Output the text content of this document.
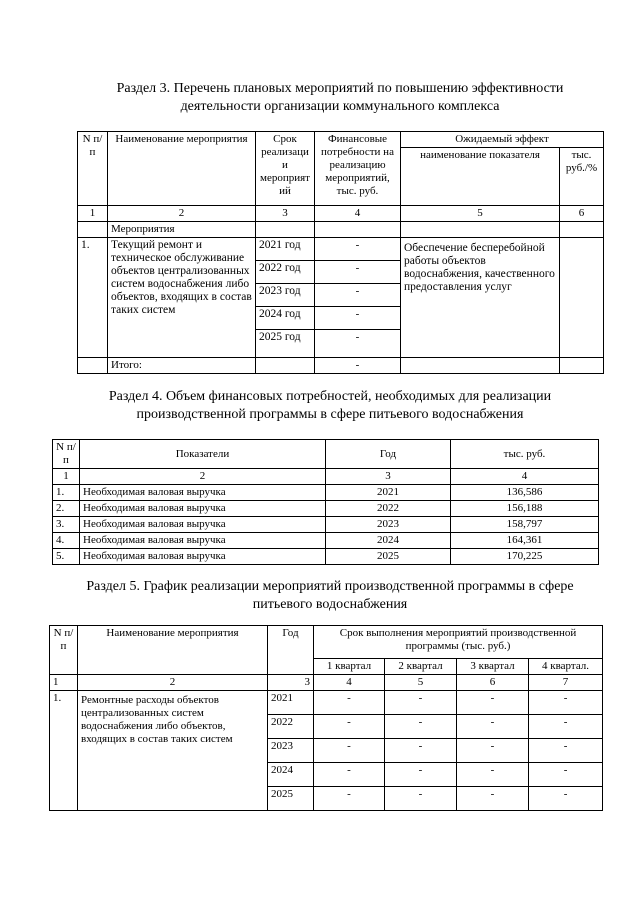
Раздел 3. Перечень плановых мероприятий по повышению эффективности
деятельности организации коммунального комплекса
N п/п	Наименование мероприятия	Срок реализаци и мероприят ий	Финансовые потребности на реализацию мероприятий, тыс. руб.	Ожидаемый эффект	
				наименование показателя	тыс. руб./%
1	2	3	4	5	6
	Мероприятия				
1.	Текущий ремонт и техническое обслуживание объектов централизованных систем водоснабжения либо объектов, входящих в состав таких систем	2021 год	-	Обеспечение бесперебойной работы объектов водоснабжения, качественного предоставления услуг	
		2022 год	-		
		2023 год	-		
		2024 год	-		
		2025 год	-		
	Итого:		-		
Раздел 4. Объем финансовых потребностей, необходимых для реализации
производственной программы в сфере питьевого водоснабжения
N п/п	Показатели	Год	тыс. руб.
1	2	3	4
1.	Необходимая валовая выручка	2021	136,586
2.	Необходимая валовая выручка	2022	156,188
3.	Необходимая валовая выручка	2023	158,797
4.	Необходимая валовая выручка	2024	164,361
5.	Необходимая валовая выручка	2025	170,225
Раздел 5. График реализации мероприятий производственной программы в сфере
питьевого водоснабжения
N п/ п	Наименование мероприятия	Год	Срок выполнения мероприятий производственной программы (тыс. руб.)			
			1 квартал	2 квартал	3 квартал	4 квартал.
1	2	3	4	5	6	7
1.	Ремонтные расходы объектов централизованных систем водоснабжения либо объектов, входящих в состав таких систем	2021	-	-	-	-
		2022	-	-	-	-
		2023	-	-	-	-
		2024	-	-	-	-
		2025	-	-	-	-
